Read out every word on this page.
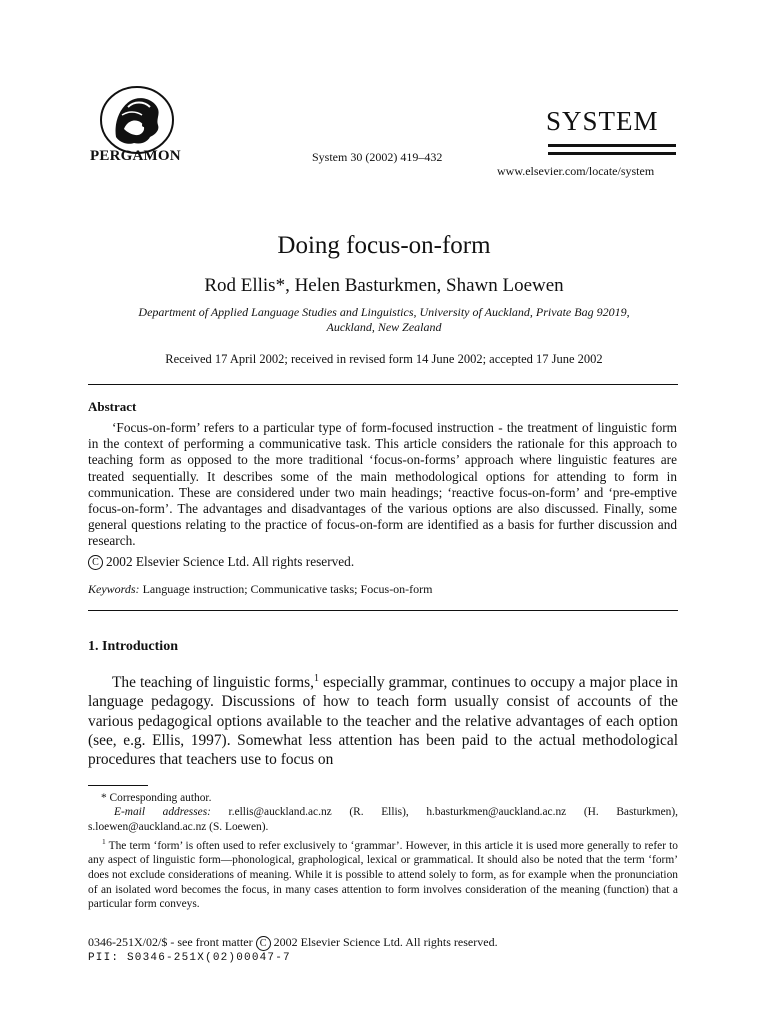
PERGAMON	System 30 (2002) 419–432
SYSTEM
www.elsevier.com/locate/system
Doing focus-on-form
Rod Ellis*, Helen Basturkmen, Shawn Loewen
Department of Applied Language Studies and Linguistics, University of Auckland, Private Bag 92019,
Auckland, New Zealand
Received 17 April 2002; received in revised form 14 June 2002; accepted 17 June 2002
Abstract
‘Focus-on-form’ refers to a particular type of form-focused instruction - the treatment of linguistic form in the context of performing a communicative task. This article considers the rationale for this approach to teaching form as opposed to the more traditional ‘focus-on-forms’ approach where linguistic features are treated sequentially. It describes some of the main methodological options for attending to form in communication. These are considered under two main headings; ‘reactive focus-on-form’ and ‘pre-emptive focus-on-form’. The advantages and disadvantages of the various options are also discussed. Finally, some general questions relating to the practice of focus-on-form are identified as a basis for further discussion and research.
C 2002 Elsevier Science Ltd. All rights reserved.
Keywords: Language instruction; Communicative tasks; Focus-on-form
1. Introduction
The teaching of linguistic forms,$^1$ especially grammar, continues to occupy a major place in language pedagogy. Discussions of how to teach form usually consist of accounts of the various pedagogical options available to the teacher and the relative advantages of each option (see, e.g. Ellis, 1997). Somewhat less attention has been paid to the actual methodological procedures that teachers use to focus on
* Corresponding author.
E-mail addresses: r.ellis@auckland.ac.nz (R. Ellis), h.basturkmen@auckland.ac.nz (H. Basturkmen), s.loewen@auckland.ac.nz (S. Loewen).
$^1$ The term ‘form’ is often used to refer exclusively to ‘grammar’. However, in this article it is used more generally to refer to any aspect of linguistic form—phonological, graphological, lexical or grammatical. It should also be noted that the term ‘form’ does not exclude considerations of meaning. While it is possible to attend solely to form, as for example when the pronunciation of an isolated word becomes the focus, in many cases attention to form involves consideration of the meaning (function) that a particular form conveys.
0346-251X/02/$ - see front matter C 2002 Elsevier Science Ltd. All rights reserved.
PII: S0346-251X(02)00047-7
